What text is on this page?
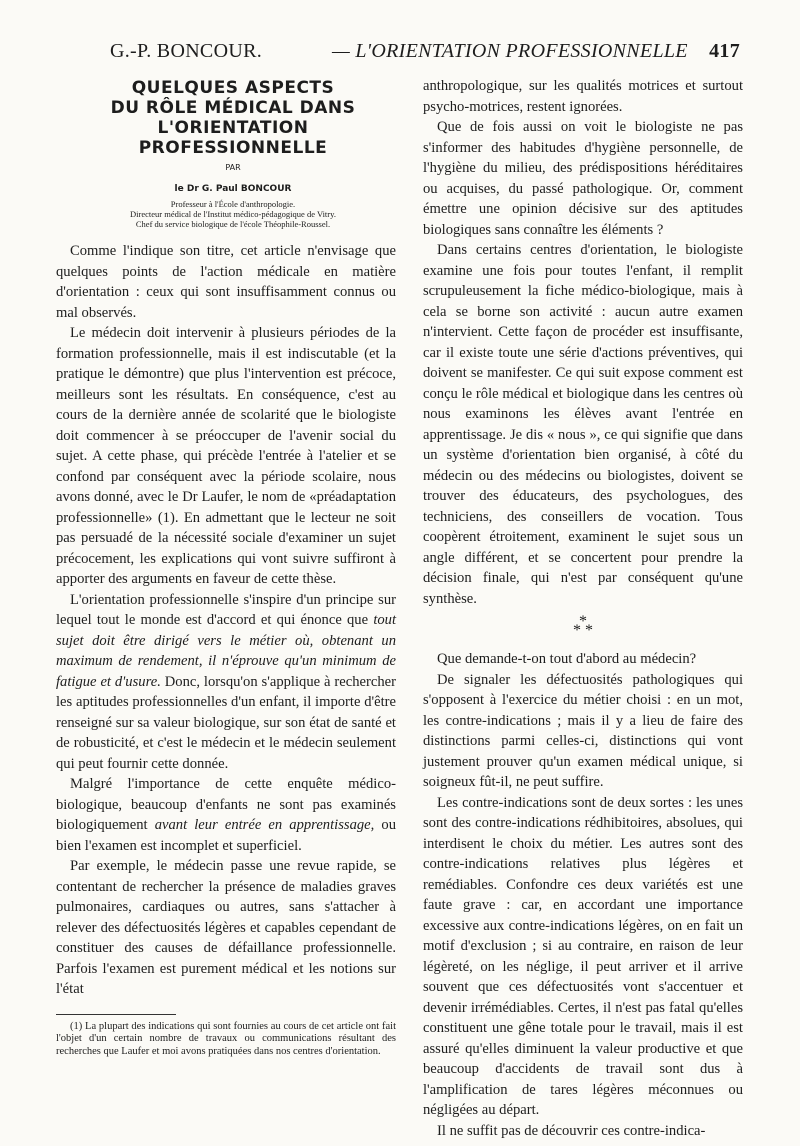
G.-P. BONCOUR.	— L'ORIENTATION PROFESSIONNELLE 417

QUELQUES ASPECTS

DU RÔLE MÉDICAL DANS

L'ORIENTATION

PROFESSIONNELLE

PAR

le Dr G. Paul BONCOUR

Professeur à l'École d'anthropologie.

Directeur médical de l'Institut médico-pédagogique de Vitry.

Chef du service biologique de l'école Théophile-Roussel.

Comme l'indique son titre, cet article n'envisage que quelques points de l'action médicale en matière d'orientation : ceux qui sont insuffisamment connus ou mal observés.

Le médecin doit intervenir à plusieurs périodes de la formation professionnelle, mais il est indiscutable (et la pratique le démontre) que plus l'intervention est précoce, meilleurs sont les résultats. En conséquence, c'est au cours de la dernière année de scolarité que le biologiste doit commencer à se préoccuper de l'avenir social du sujet. A cette phase, qui précède l'entrée à l'atelier et se confond par conséquent avec la période scolaire, nous avons donné, avec le Dr Laufer, le nom de «préadaptation professionnelle» (1). En admettant que le lecteur ne soit pas persuadé de la nécessité sociale d'examiner un sujet précocement, les explications qui vont suivre suffiront à apporter des arguments en faveur de cette thèse.

L'orientation professionnelle s'inspire d'un principe sur lequel tout le monde est d'accord et qui énonce que tout sujet doit être dirigé vers le métier où, obtenant un maximum de rendement, il n'éprouve qu'un minimum de fatigue et d'usure. Donc, lorsqu'on s'applique à rechercher les aptitudes professionnelles d'un enfant, il importe d'être renseigné sur sa valeur biologique, sur son état de santé et de robusticité, et c'est le médecin et le médecin seulement qui peut fournir cette donnée.

Malgré l'importance de cette enquête médico-biologique, beaucoup d'enfants ne sont pas examinés biologiquement avant leur entrée en apprentissage, ou bien l'examen est incomplet et superficiel.

Par exemple, le médecin passe une revue rapide, se contentant de rechercher la présence de maladies graves pulmonaires, cardiaques ou autres, sans s'attacher à relever des défectuosités légères et capables cependant de constituer des causes de défaillance professionnelle. Parfois l'examen est purement médical et les notions sur l'état

(1) La plupart des indications qui sont fournies au cours de cet article ont fait l'objet d'un certain nombre de travaux ou communications résultant des recherches que Laufer et moi avons pratiquées dans nos centres d'orientation.

anthropologique, sur les qualités motrices et surtout psycho-motrices, restent ignorées.

Que de fois aussi on voit le biologiste ne pas s'informer des habitudes d'hygiène personnelle, de l'hygiène du milieu, des prédispositions héréditaires ou acquises, du passé pathologique. Or, comment émettre une opinion décisive sur des aptitudes biologiques sans connaître les éléments ?

Dans certains centres d'orientation, le biologiste examine une fois pour toutes l'enfant, il remplit scrupuleusement la fiche médico-biologique, mais à cela se borne son activité : aucun autre examen n'intervient. Cette façon de procéder est insuffisante, car il existe toute une série d'actions préventives, qui doivent se manifester. Ce qui suit expose comment est conçu le rôle médical et biologique dans les centres où nous examinons les élèves avant l'entrée en apprentissage. Je dis « nous », ce qui signifie que dans un système d'orientation bien organisé, à côté du médecin ou des médecins ou biologistes, doivent se trouver des éducateurs, des psychologues, des techniciens, des conseillers de vocation. Tous coopèrent étroitement, examinent le sujet sous un angle différent, et se concertent pour prendre la décision finale, qui n'est par conséquent qu'une synthèse.

*
* *

Que demande-t-on tout d'abord au médecin?

De signaler les défectuosités pathologiques qui s'opposent à l'exercice du métier choisi : en un mot, les contre-indications ; mais il y a lieu de faire des distinctions parmi celles-ci, distinctions qui vont justement prouver qu'un examen médical unique, si soigneux fût-il, ne peut suffire.

Les contre-indications sont de deux sortes : les unes sont des contre-indications rédhibitoires, absolues, qui interdisent le choix du métier. Les autres sont des contre-indications relatives plus légères et remédiables. Confondre ces deux variétés est une faute grave : car, en accordant une importance excessive aux contre-indications légères, on en fait un motif d'exclusion ; si au contraire, en raison de leur légèreté, on les néglige, il peut arriver et il arrive souvent que ces défectuosités vont s'accentuer et devenir irrémédiables. Certes, il n'est pas fatal qu'elles constituent une gêne totale pour le travail, mais il est assuré qu'elles diminuent la valeur productive et que beaucoup d'accidents de travail sont dus à l'amplification de tares légères méconnues ou négligées au départ.

Il ne suffit pas de découvrir ces contre-indica-
